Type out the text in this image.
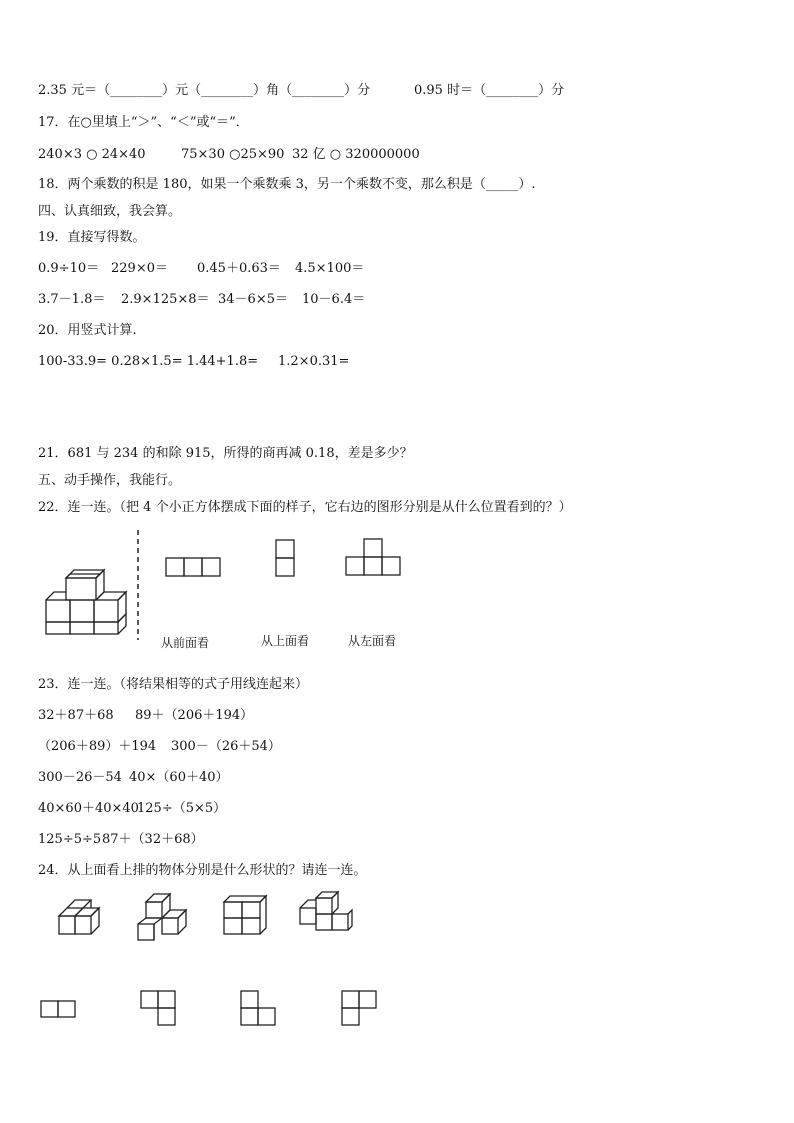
2.35 元＝（________）元（________）角（________）分	0.95 时＝（________）分
17．在○里填上“＞”、“＜”或“＝”．
240×3 ○ 24×40	75×30 ○25×90 32 亿 ○ 320000000
18．两个乘数的积是 180，如果一个乘数乘 3，另一个乘数不变，那么积是（_____）.
四、认真细致，我会算。
19．直接写得数。
0.9÷10＝ 229×0＝ 0.45＋0.63＝ 4.5×100＝
3.7－1.8＝ 2.9×125×8＝ 34－6×5＝ 10－6.4＝
20．用竖式计算.
100-33.9= 0.28×1.5= 1.44+1.8= 1.2×0.31=
21．681 与 234 的和除 915，所得的商再减 0.18，差是多少？
五、动手操作，我能行。
22．连一连。（把 4 个小正方体摆成下面的样子，它右边的图形分别是从什么位置看到的？）
从前面看	从上面看	从左面看
23．连一连。（将结果相等的式子用线连起来）
32＋87＋68 89＋（206＋194）
（206＋89）＋194 300－（26＋54）
300－26－54 40×（60＋40）
40×60＋40×40
125÷（5×5）
125÷5÷5 87＋（32＋68）
24．从上面看上排的物体分别是什么形状的？请连一连。
